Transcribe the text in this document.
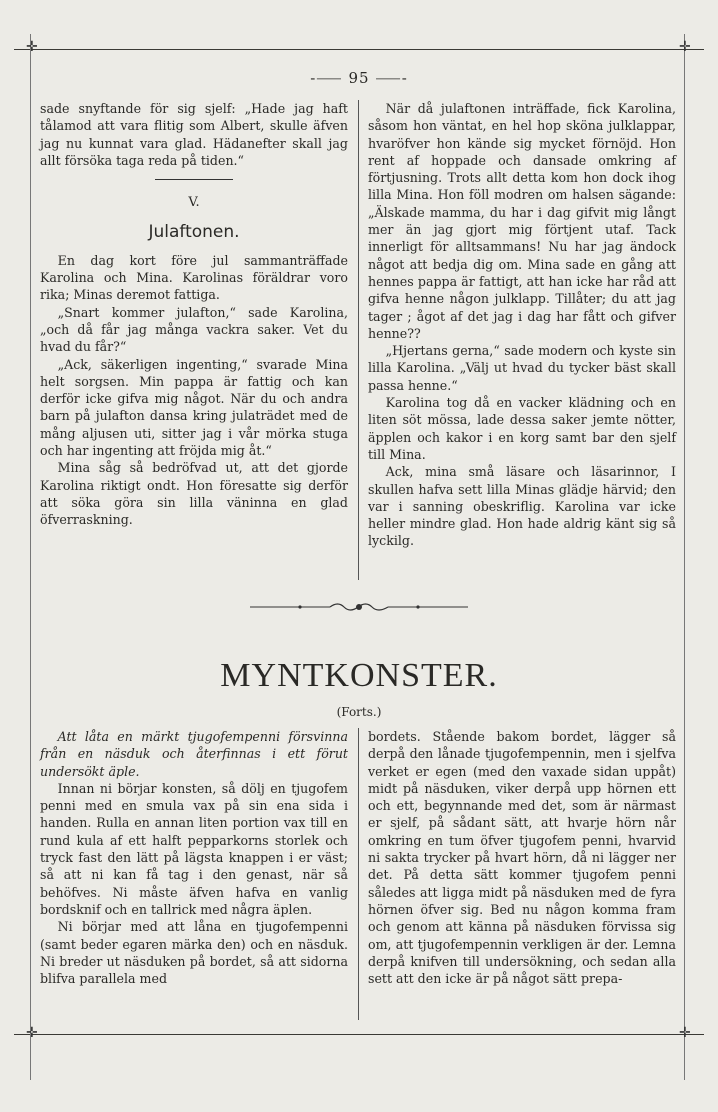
✛	✛
✛	✛
-⸺ 95 ⸺-

sade snyftande för sig sjelf: „Hade jag haft tålamod att vara flitig som Albert, skulle äfven jag nu kunnat vara glad. Hädanefter skall jag allt försöka taga reda på tiden.“

V.
Julaftonen.

En dag kort före jul sammanträffade Karolina och Mina. Karolinas föräldrar voro rika; Minas deremot fattiga.

„Snart kommer julafton,“ sade Karolina, „och då får jag många vackra saker. Vet du hvad du får?“

„Ack, säkerligen ingenting,“ svarade Mina helt sorgsen. Min pappa är fattig och kan derför icke gifva mig något. När du och andra barn på julafton dansa kring julaträdet med de mång aljusen uti, sitter jag i vår mörka stuga och har ingenting att fröjda mig åt.“

Mina såg så bedröfvad ut, att det gjorde Karolina riktigt ondt. Hon föresatte sig derför att söka göra sin lilla väninna en glad öfverraskning.

När då julaftonen inträffade, fick Karolina, såsom hon väntat, en hel hop sköna julklappar, hvaröfver hon kände sig mycket förnöjd. Hon rent af hoppade och dansade omkring af förtjusning. Trots allt detta kom hon dock ihog lilla Mina. Hon föll modren om halsen sägande: „Älskade mamma, du har i dag gifvit mig långt mer än jag gjort mig förtjent utaf. Tack innerligt för alltsammans! Nu har jag ändock något att bedja dig om. Mina sade en gång att hennes pappa är fattigt, att han icke har råd att gifva henne någon julklapp. Tillåter; du att jag tager ; ågot af det jag i dag har fått och gifver henne??

„Hjertans gerna,“ sade modern och kyste sin lilla Karolina. „Välj ut hvad du tycker bäst skall passa henne.“

Karolina tog då en vacker klädning och en liten söt mössa, lade dessa saker jemte nötter, äpplen och kakor i en korg samt bar den sjelf till Mina.

Ack, mina små läsare och läsarinnor, I skullen hafva sett lilla Minas glädje härvid; den var i sanning obeskriflig. Karolina var icke heller mindre glad. Hon hade aldrig känt sig så lyckilg.

MYNTKONSTER.
(Forts.)

Att låta en märkt tjugofempenni försvinna från en näsduk och återfinnas i ett förut undersökt äple.

Innan ni börjar konsten, så dölj en tjugofem penni med en smula vax på sin ena sida i handen. Rulla en annan liten portion vax till en rund kula af ett halft pepparkorns storlek och tryck fast den lätt på lägsta knappen i er väst; så att ni kan få tag i den genast, när så behöfves. Ni måste äfven hafva en vanlig bordsknif och en tallrick med några äplen.

Ni börjar med att låna en tjugofempenni (samt beder egaren märka den) och en näsduk. Ni breder ut näsduken på bordet, så att sidorna blifva parallela med

bordets. Stående bakom bordet, lägger så derpå den lånade tjugofempennin, men i sjelfva verket er egen (med den vaxade sidan uppåt) midt på näsduken, viker derpå upp hörnen ett och ett, begynnande med det, som är närmast er sjelf, på sådant sätt, att hvarje hörn når omkring en tum öfver tjugofem penni, hvarvid ni sakta trycker på hvart hörn, då ni lägger ner det. På detta sätt kommer tjugofem penni således att ligga midt på näsduken med de fyra hörnen öfver sig. Bed nu någon komma fram och genom att känna på näsduken förvissa sig om, att tjugofempennin verkligen är der. Lemna derpå knifven till undersökning, och sedan alla sett att den icke är på något sätt prepa-
